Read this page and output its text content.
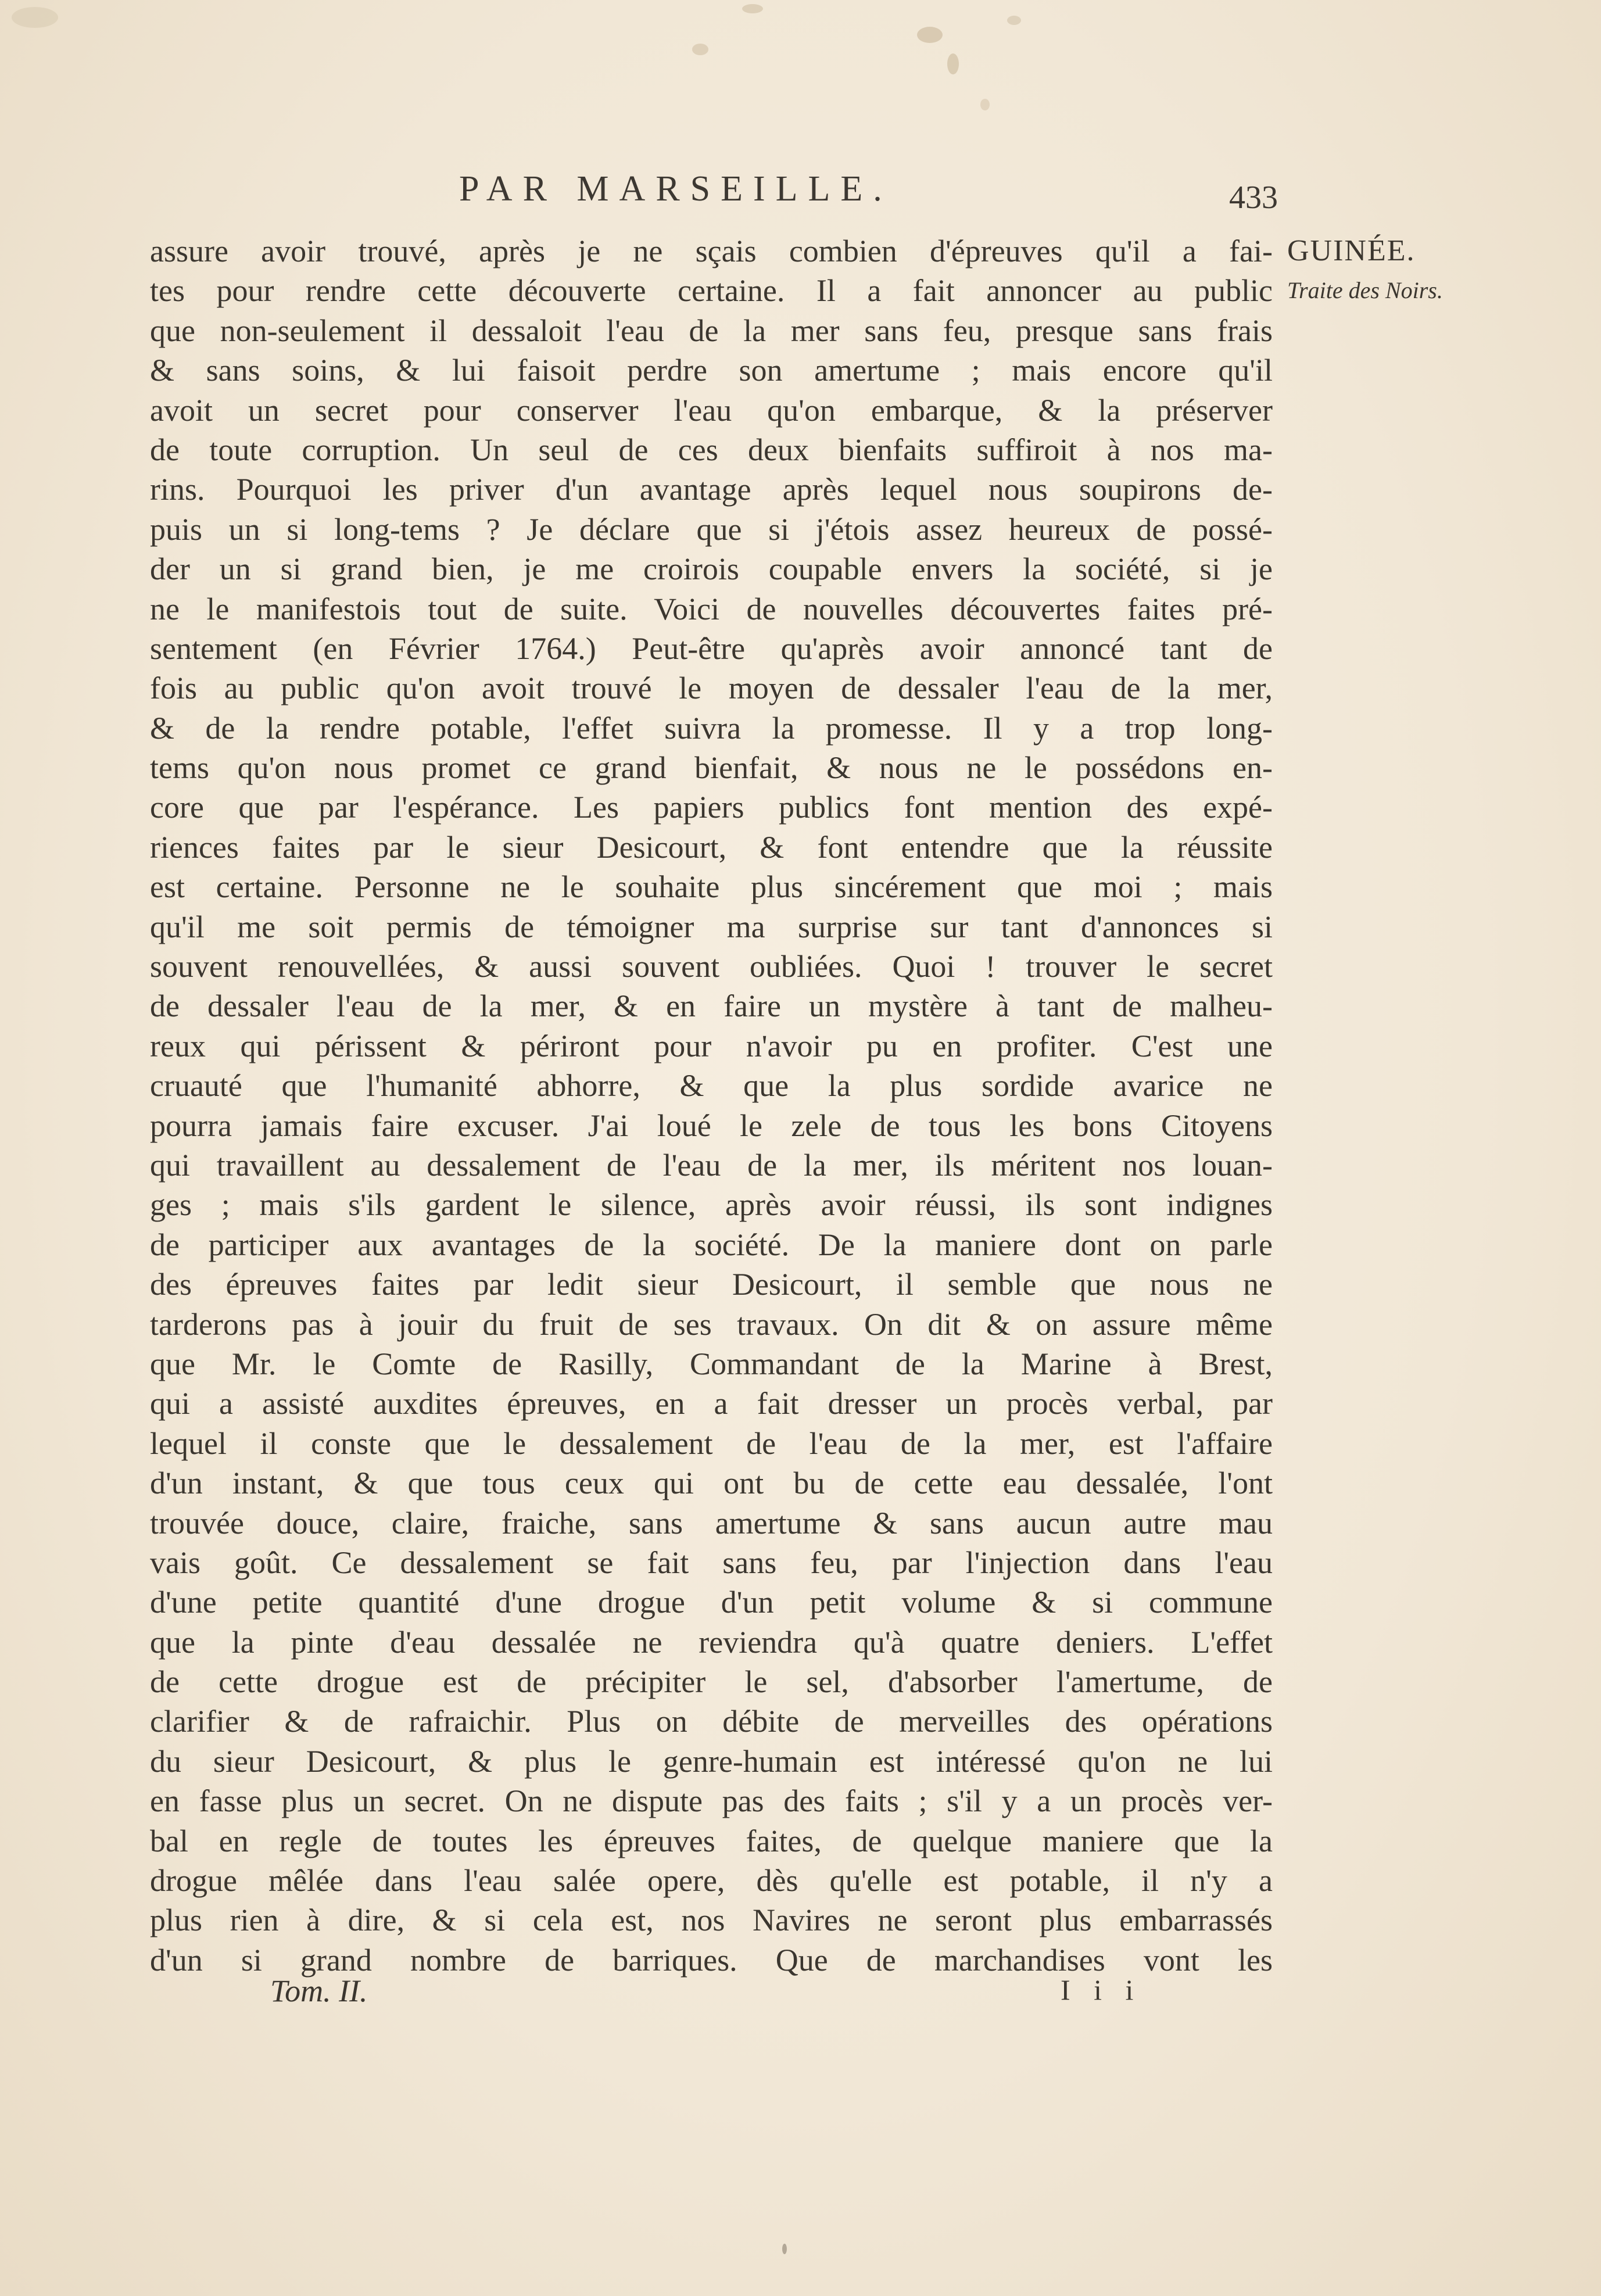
PAR MARSEILLE.	433
assure avoir trouvé, après je ne sçais combien d'épreuves qu'il a fai-
tes pour rendre cette découverte certaine. Il a fait annoncer au public
que non-seulement il dessaloit l'eau de la mer sans feu, presque sans frais
& sans soins, & lui faisoit perdre son amertume ; mais encore qu'il
avoit un secret pour conserver l'eau qu'on embarque, & la préserver
de toute corruption. Un seul de ces deux bienfaits suffiroit à nos ma-
rins. Pourquoi les priver d'un avantage après lequel nous soupirons de-
puis un si long-tems ? Je déclare que si j'étois assez heureux de possé-
der un si grand bien, je me croirois coupable envers la société, si je
ne le manifestois tout de suite. Voici de nouvelles découvertes faites pré-
sentement (en Février 1764.) Peut-être qu'après avoir annoncé tant de
fois au public qu'on avoit trouvé le moyen de dessaler l'eau de la mer,
& de la rendre potable, l'effet suivra la promesse. Il y a trop long-
tems qu'on nous promet ce grand bienfait, & nous ne le possédons en-
core que par l'espérance. Les papiers publics font mention des expé-
riences faites par le sieur Desicourt, & font entendre que la réussite
est certaine. Personne ne le souhaite plus sincérement que moi ; mais
qu'il me soit permis de témoigner ma surprise sur tant d'annonces si
souvent renouvellées, & aussi souvent oubliées. Quoi ! trouver le secret
de dessaler l'eau de la mer, & en faire un mystère à tant de malheu-
reux qui périssent & périront pour n'avoir pu en profiter. C'est une
cruauté que l'humanité abhorre, & que la plus sordide avarice ne
pourra jamais faire excuser. J'ai loué le zele de tous les bons Citoyens
qui travaillent au dessalement de l'eau de la mer, ils méritent nos louan-
ges ; mais s'ils gardent le silence, après avoir réussi, ils sont indignes
de participer aux avantages de la société. De la maniere dont on parle
des épreuves faites par ledit sieur Desicourt, il semble que nous ne
tarderons pas à jouir du fruit de ses travaux. On dit & on assure même
que Mr. le Comte de Rasilly, Commandant de la Marine à Brest,
qui a assisté auxdites épreuves, en a fait dresser un procès verbal, par
lequel il conste que le dessalement de l'eau de la mer, est l'affaire
d'un instant, & que tous ceux qui ont bu de cette eau dessalée, l'ont
trouvée douce, claire, fraiche, sans amertume & sans aucun autre mau
vais goût. Ce dessalement se fait sans feu, par l'injection dans l'eau
d'une petite quantité d'une drogue d'un petit volume & si commune
que la pinte d'eau dessalée ne reviendra qu'à quatre deniers. L'effet
de cette drogue est de précipiter le sel, d'absorber l'amertume, de
clarifier & de rafraichir. Plus on débite de merveilles des opérations
du sieur Desicourt, & plus le genre-humain est intéressé qu'on ne lui
en fasse plus un secret. On ne dispute pas des faits ; s'il y a un procès ver-
bal en regle de toutes les épreuves faites, de quelque maniere que la
drogue mêlée dans l'eau salée opere, dès qu'elle est potable, il n'y a
plus rien à dire, & si cela est, nos Navires ne seront plus embarrassés
d'un si grand nombre de barriques. Que de marchandises vont les
GUINÉE.
Traite des Noirs.
Tom. II.	I i i
